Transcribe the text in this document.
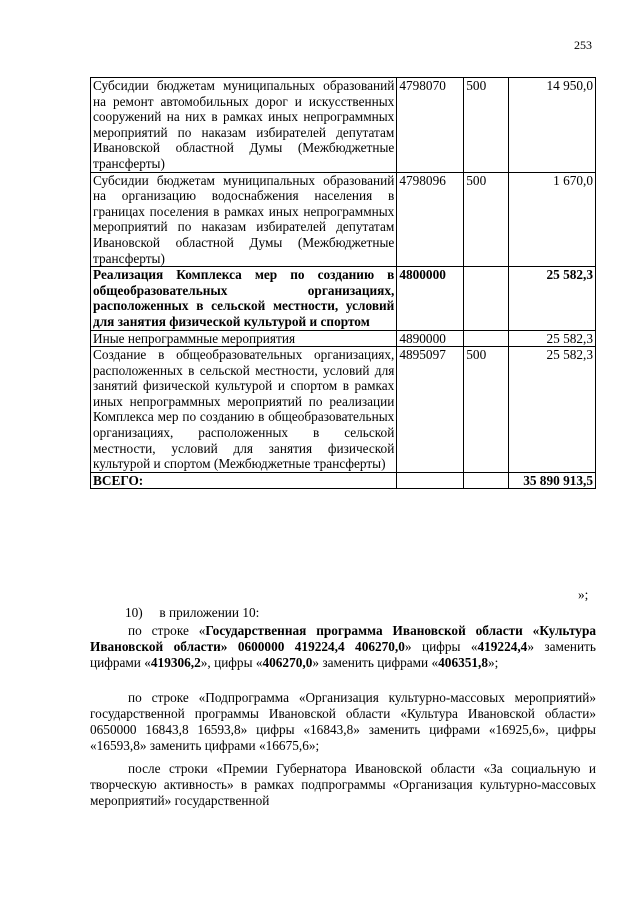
253
Субсидии бюджетам муниципальных образований на ремонт автомобильных дорог и искусственных сооружений на них в рамках иных непрограммных мероприятий по наказам избирателей депутатам Ивановской областной Думы (Межбюджетные трансферты)	4798070	500	14 950,0
Субсидии бюджетам муниципальных образований на организацию водоснабжения населения в границах поселения в рамках иных непрограммных мероприятий по наказам избирателей депутатам Ивановской областной Думы (Межбюджетные трансферты)	4798096	500	1 670,0
Реализация Комплекса мер по созданию в общеобразовательных организациях, расположенных в сельской местности, условий для занятия физической культурой и спортом	4800000		25 582,3
Иные непрограммные мероприятия	4890000		25 582,3
Создание в общеобразовательных организациях, расположенных в сельской местности, условий для занятий физической культурой и спортом в рамках иных непрограммных мероприятий по реализации Комплекса мер по созданию в общеобразовательных организациях, расположенных в сельской местности, условий для занятия физической культурой и спортом (Межбюджетные трансферты)	4895097	500	25 582,3
ВСЕГО:			35 890 913,5
»;
10)  в приложении 10:
по строке «Государственная программа Ивановской области «Культура Ивановской области» 0600000 419224,4 406270,0» цифры «419224,4» заменить цифрами «419306,2», цифры «406270,0» заменить цифрами «406351,8»;
по строке «Подпрограмма «Организация культурно-массовых мероприятий» государственной программы Ивановской области «Культура Ивановской области» 0650000 16843,8 16593,8» цифры «16843,8» заменить цифрами «16925,6», цифры «16593,8» заменить цифрами «16675,6»;
после строки «Премии Губернатора Ивановской области «За социальную и творческую активность» в рамках подпрограммы «Организация культурно-массовых мероприятий» государственной
